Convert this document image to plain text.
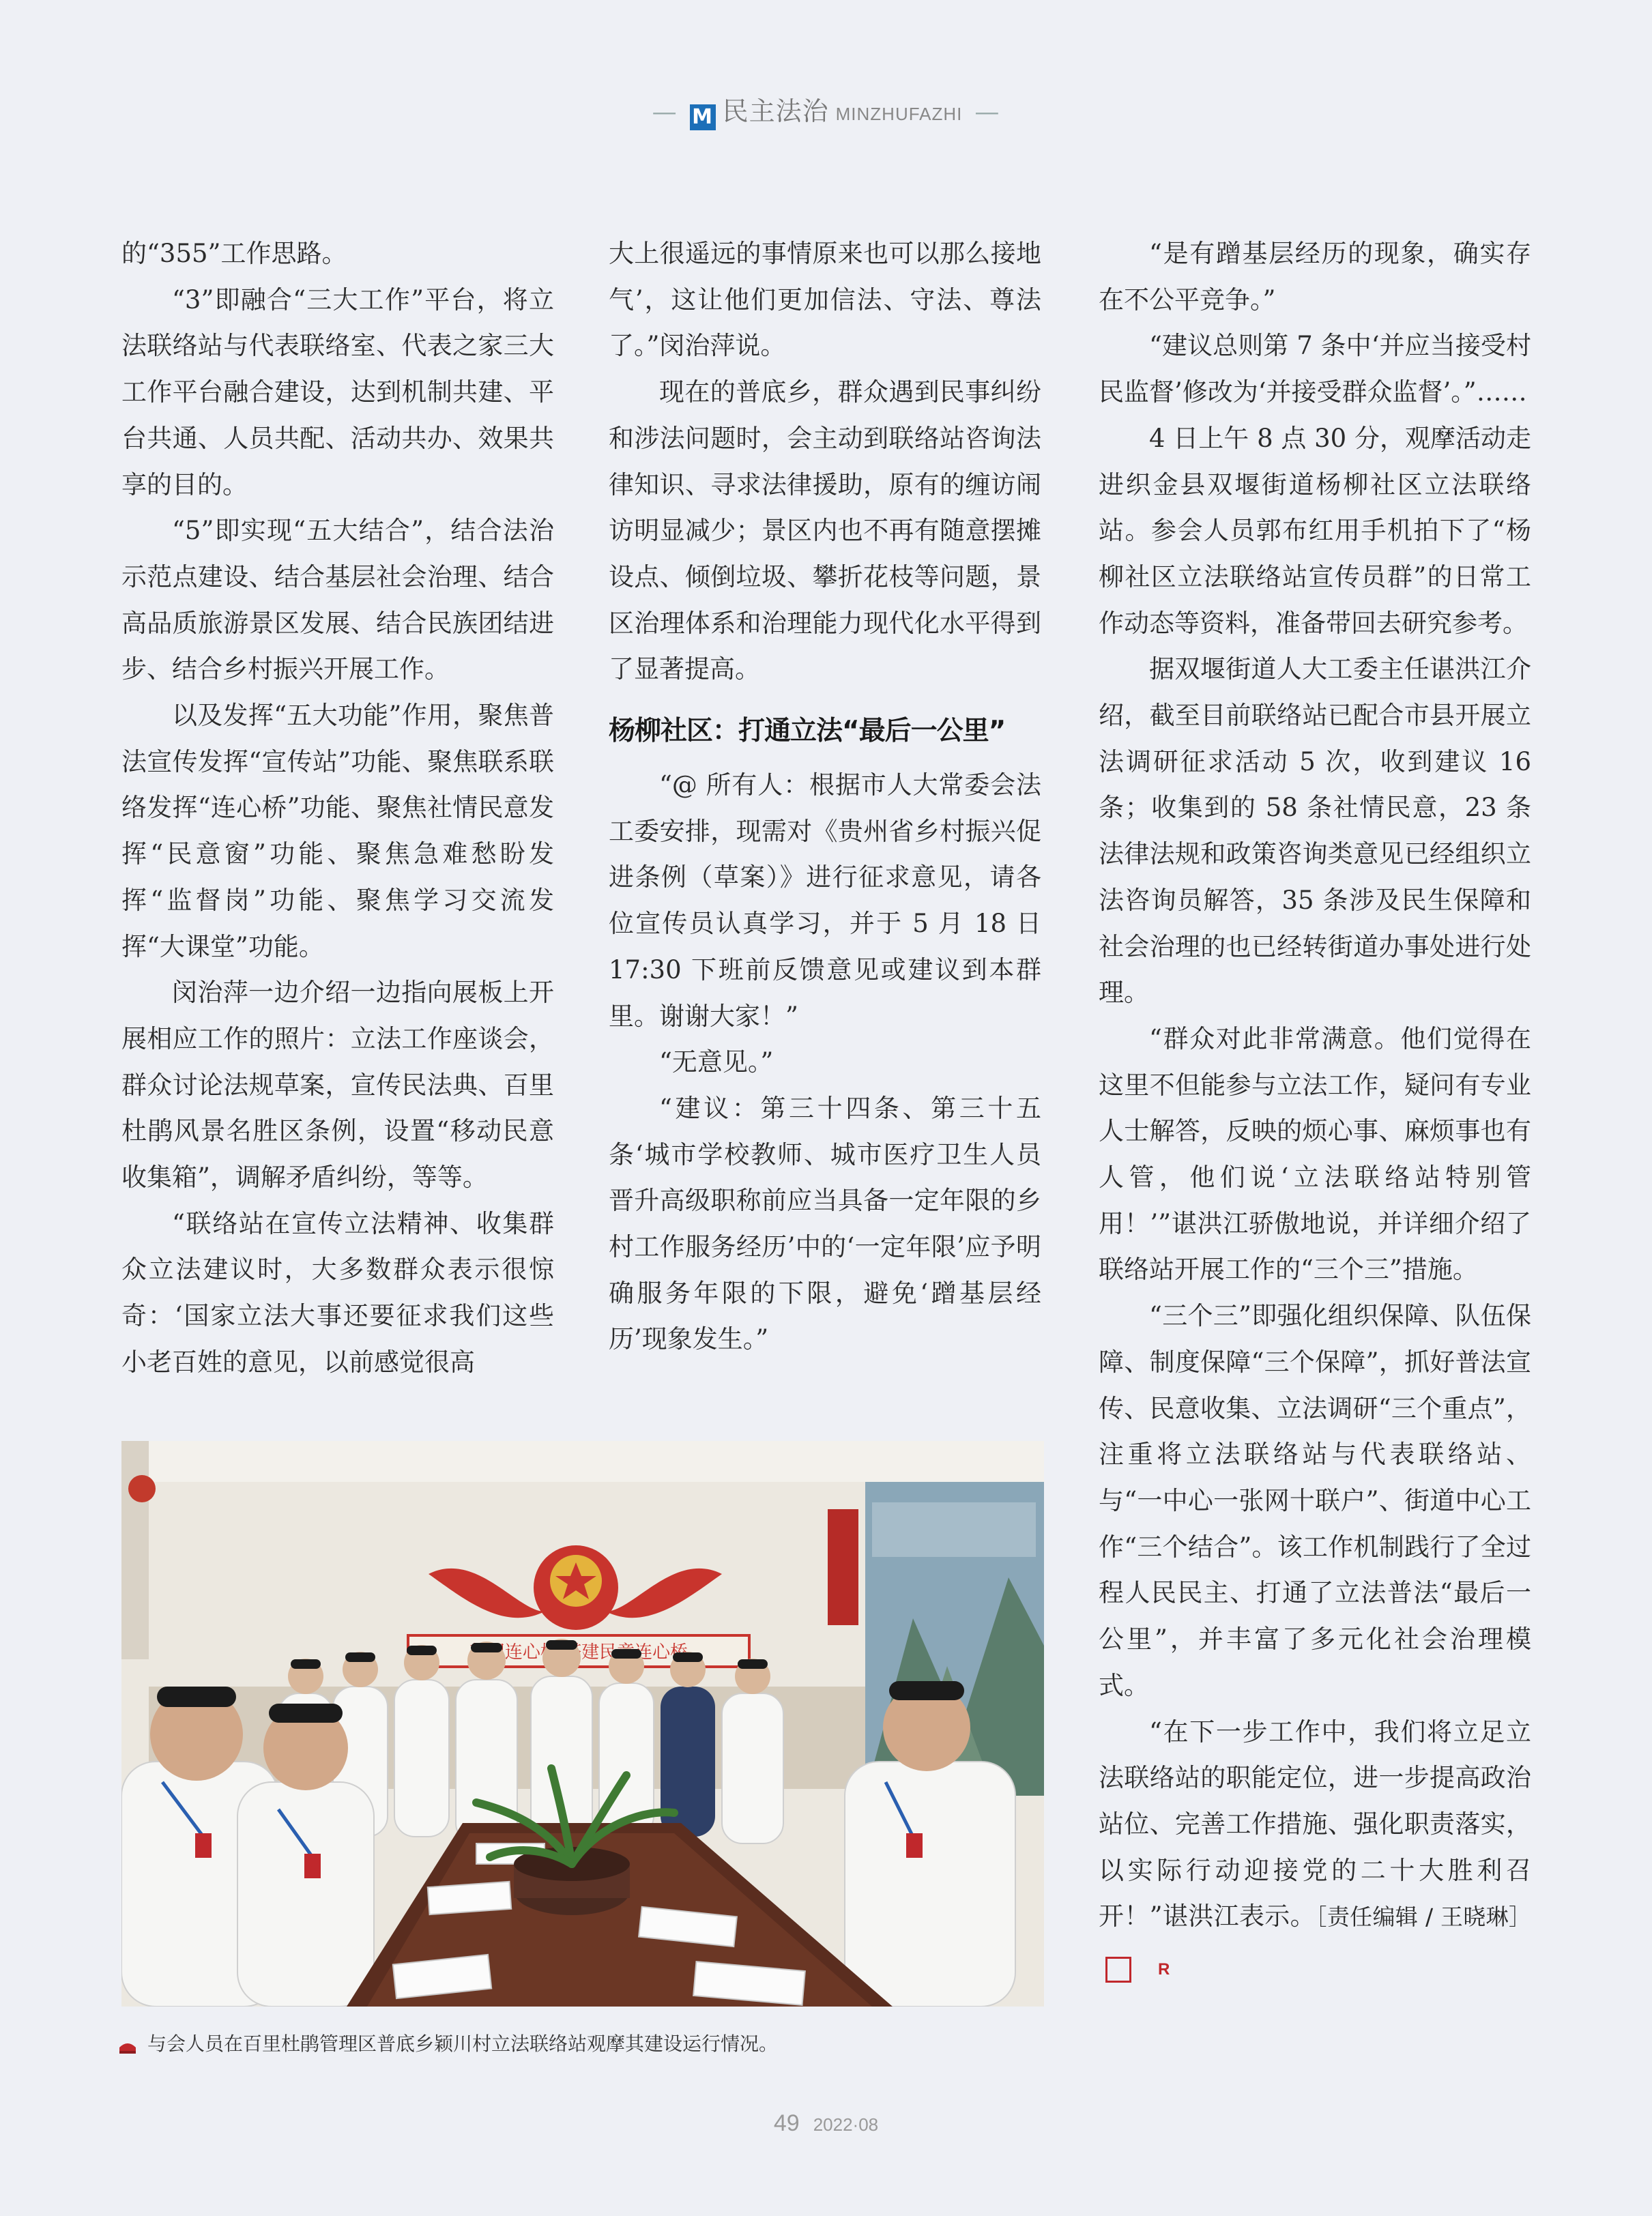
— M 民主法治 MINZHUFAZHI —

的“355”工作思路。

“3”即融合“三大工作”平台，将立法联络站与代表联络室、代表之家三大工作平台融合建设，达到机制共建、平台共通、人员共配、活动共办、效果共享的目的。

“5”即实现“五大结合”，结合法治示范点建设、结合基层社会治理、结合高品质旅游景区发展、结合民族团结进步、结合乡村振兴开展工作。

以及发挥“五大功能”作用，聚焦普法宣传发挥“宣传站”功能、聚焦联系联络发挥“连心桥”功能、聚焦社情民意发挥“民意窗”功能、聚焦急难愁盼发挥“监督岗”功能、聚焦学习交流发挥“大课堂”功能。

闵治萍一边介绍一边指向展板上开展相应工作的照片：立法工作座谈会，群众讨论法规草案，宣传民法典、百里杜鹃风景名胜区条例，设置“移动民意收集箱”，调解矛盾纠纷，等等。

“联络站在宣传立法精神、收集群众立法建议时，大多数群众表示很惊奇：‘国家立法大事还要征求我们这些小老百姓的意见，以前感觉很高

大上很遥远的事情原来也可以那么接地气’，这让他们更加信法、守法、尊法了。”闵治萍说。

现在的普底乡，群众遇到民事纠纷和涉法问题时，会主动到联络站咨询法律知识、寻求法律援助，原有的缠访闹访明显减少；景区内也不再有随意摆摊设点、倾倒垃圾、攀折花枝等问题，景区治理体系和治理能力现代化水平得到了显著提高。

杨柳社区：打通立法“最后一公里”

“@ 所有人：根据市人大常委会法工委安排，现需对《贵州省乡村振兴促进条例（草案）》进行征求意见，请各位宣传员认真学习，并于 5 月 18 日 17:30 下班前反馈意见或建议到本群里。谢谢大家！”

“无意见。”

“建议：第三十四条、第三十五条‘城市学校教师、城市医疗卫生人员晋升高级职称前应当具备一定年限的乡村工作服务经历’中的‘一定年限’应予明确服务年限的下限，避免‘蹭基层经历’现象发生。”

“是有蹭基层经历的现象，确实存在不公平竞争。”

“建议总则第 7 条中‘并应当接受村民监督’修改为‘并接受群众监督’。”……

4 日上午 8 点 30 分，观摩活动走进织金县双堰街道杨柳社区立法联络站。参会人员郭布红用手机拍下了“杨柳社区立法联络站宣传员群”的日常工作动态等资料，准备带回去研究参考。

据双堰街道人大工委主任谌洪江介绍，截至目前联络站已配合市县开展立法调研征求活动 5 次，收到建议 16 条；收集到的 58 条社情民意，23 条法律法规和政策咨询类意见已经组织立法咨询员解答，35 条涉及民生保障和社会治理的也已经转街道办事处进行处理。

“群众对此非常满意。他们觉得在这里不但能参与立法工作，疑问有专业人士解答，反映的烦心事、麻烦事也有人管，他们说‘立法联络站特别管用！’”谌洪江骄傲地说，并详细介绍了联络站开展工作的“三个三”措施。

“三个三”即强化组织保障、队伍保障、制度保障“三个保障”，抓好普法宣传、民意收集、立法调研“三个重点”，注重将立法联络站与代表联络站、与“一中心一张网十联户”、街道中心工作“三个结合”。该工作机制践行了全过程人民民主、打通了立法普法“最后一公里”，并丰富了多元化社会治理模式。

“在下一步工作中，我们将立足立法联络站的职能定位，进一步提高政治站位、完善工作措施、强化职责落实，以实际行动迎接党的二十大胜利召开！”谌洪江表示。［责任编辑 / 王晓琳］R

架起连心桥
与会人员在百里杜鹃管理区普底乡颖川村立法联络站观摩其建设运行情况。
49 2022·08
